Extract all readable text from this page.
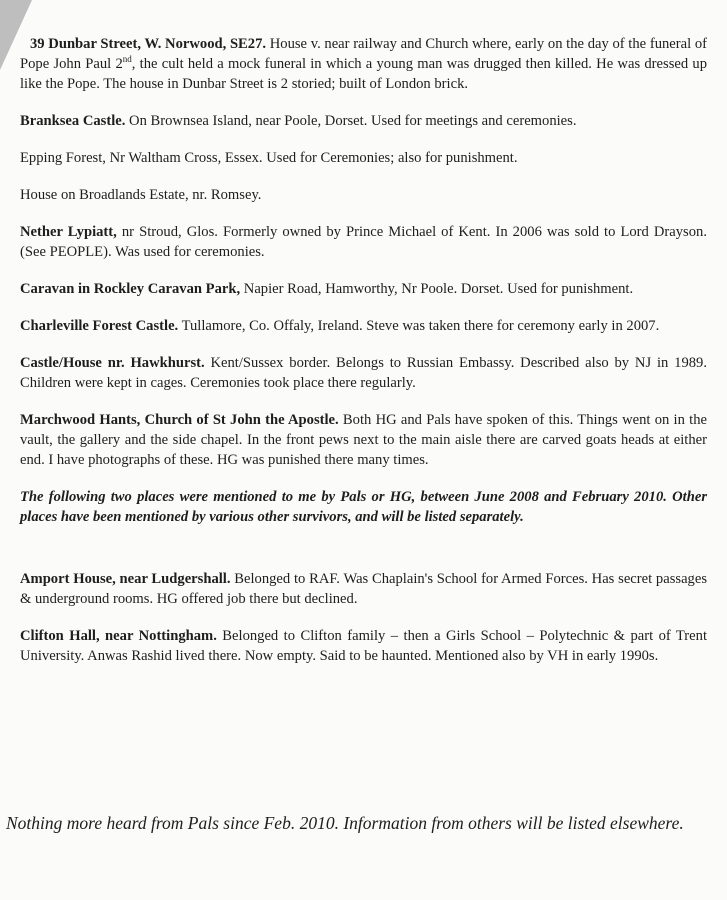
39 Dunbar Street, W. Norwood, SE27. House v. near railway and Church where, early on the day of the funeral of Pope John Paul 2nd, the cult held a mock funeral in which a young man was drugged then killed. He was dressed up like the Pope. The house in Dunbar Street is 2 storied; built of London brick.

Branksea Castle. On Brownsea Island, near Poole, Dorset. Used for meetings and ceremonies.

Epping Forest, Nr Waltham Cross, Essex. Used for Ceremonies; also for punishment.

House on Broadlands Estate, nr. Romsey.

Nether Lypiatt, nr Stroud, Glos. Formerly owned by Prince Michael of Kent. In 2006 was sold to Lord Drayson. (See PEOPLE). Was used for ceremonies.

Caravan in Rockley Caravan Park, Napier Road, Hamworthy, Nr Poole. Dorset. Used for punishment.

Charleville Forest Castle. Tullamore, Co. Offaly, Ireland. Steve was taken there for ceremony early in 2007.

Castle/House nr. Hawkhurst. Kent/Sussex border. Belongs to Russian Embassy. Described also by NJ in 1989. Children were kept in cages. Ceremonies took place there regularly.

Marchwood Hants, Church of St John the Apostle. Both HG and Pals have spoken of this. Things went on in the vault, the gallery and the side chapel. In the front pews next to the main aisle there are carved goats heads at either end. I have photographs of these. HG was punished there many times.

The following two places were mentioned to me by Pals or HG, between June 2008 and February 2010. Other places have been mentioned by various other survivors, and will be listed separately.

Amport House, near Ludgershall. Belonged to RAF. Was Chaplain's School for Armed Forces. Has secret passages & underground rooms. HG offered job there but declined.

Clifton Hall, near Nottingham. Belonged to Clifton family – then a Girls School – Polytechnic & part of Trent University. Anwas Rashid lived there. Now empty. Said to be haunted. Mentioned also by VH in early 1990s.

Nothing more heard from Pals since Feb. 2010. Information from others will be listed elsewhere.
